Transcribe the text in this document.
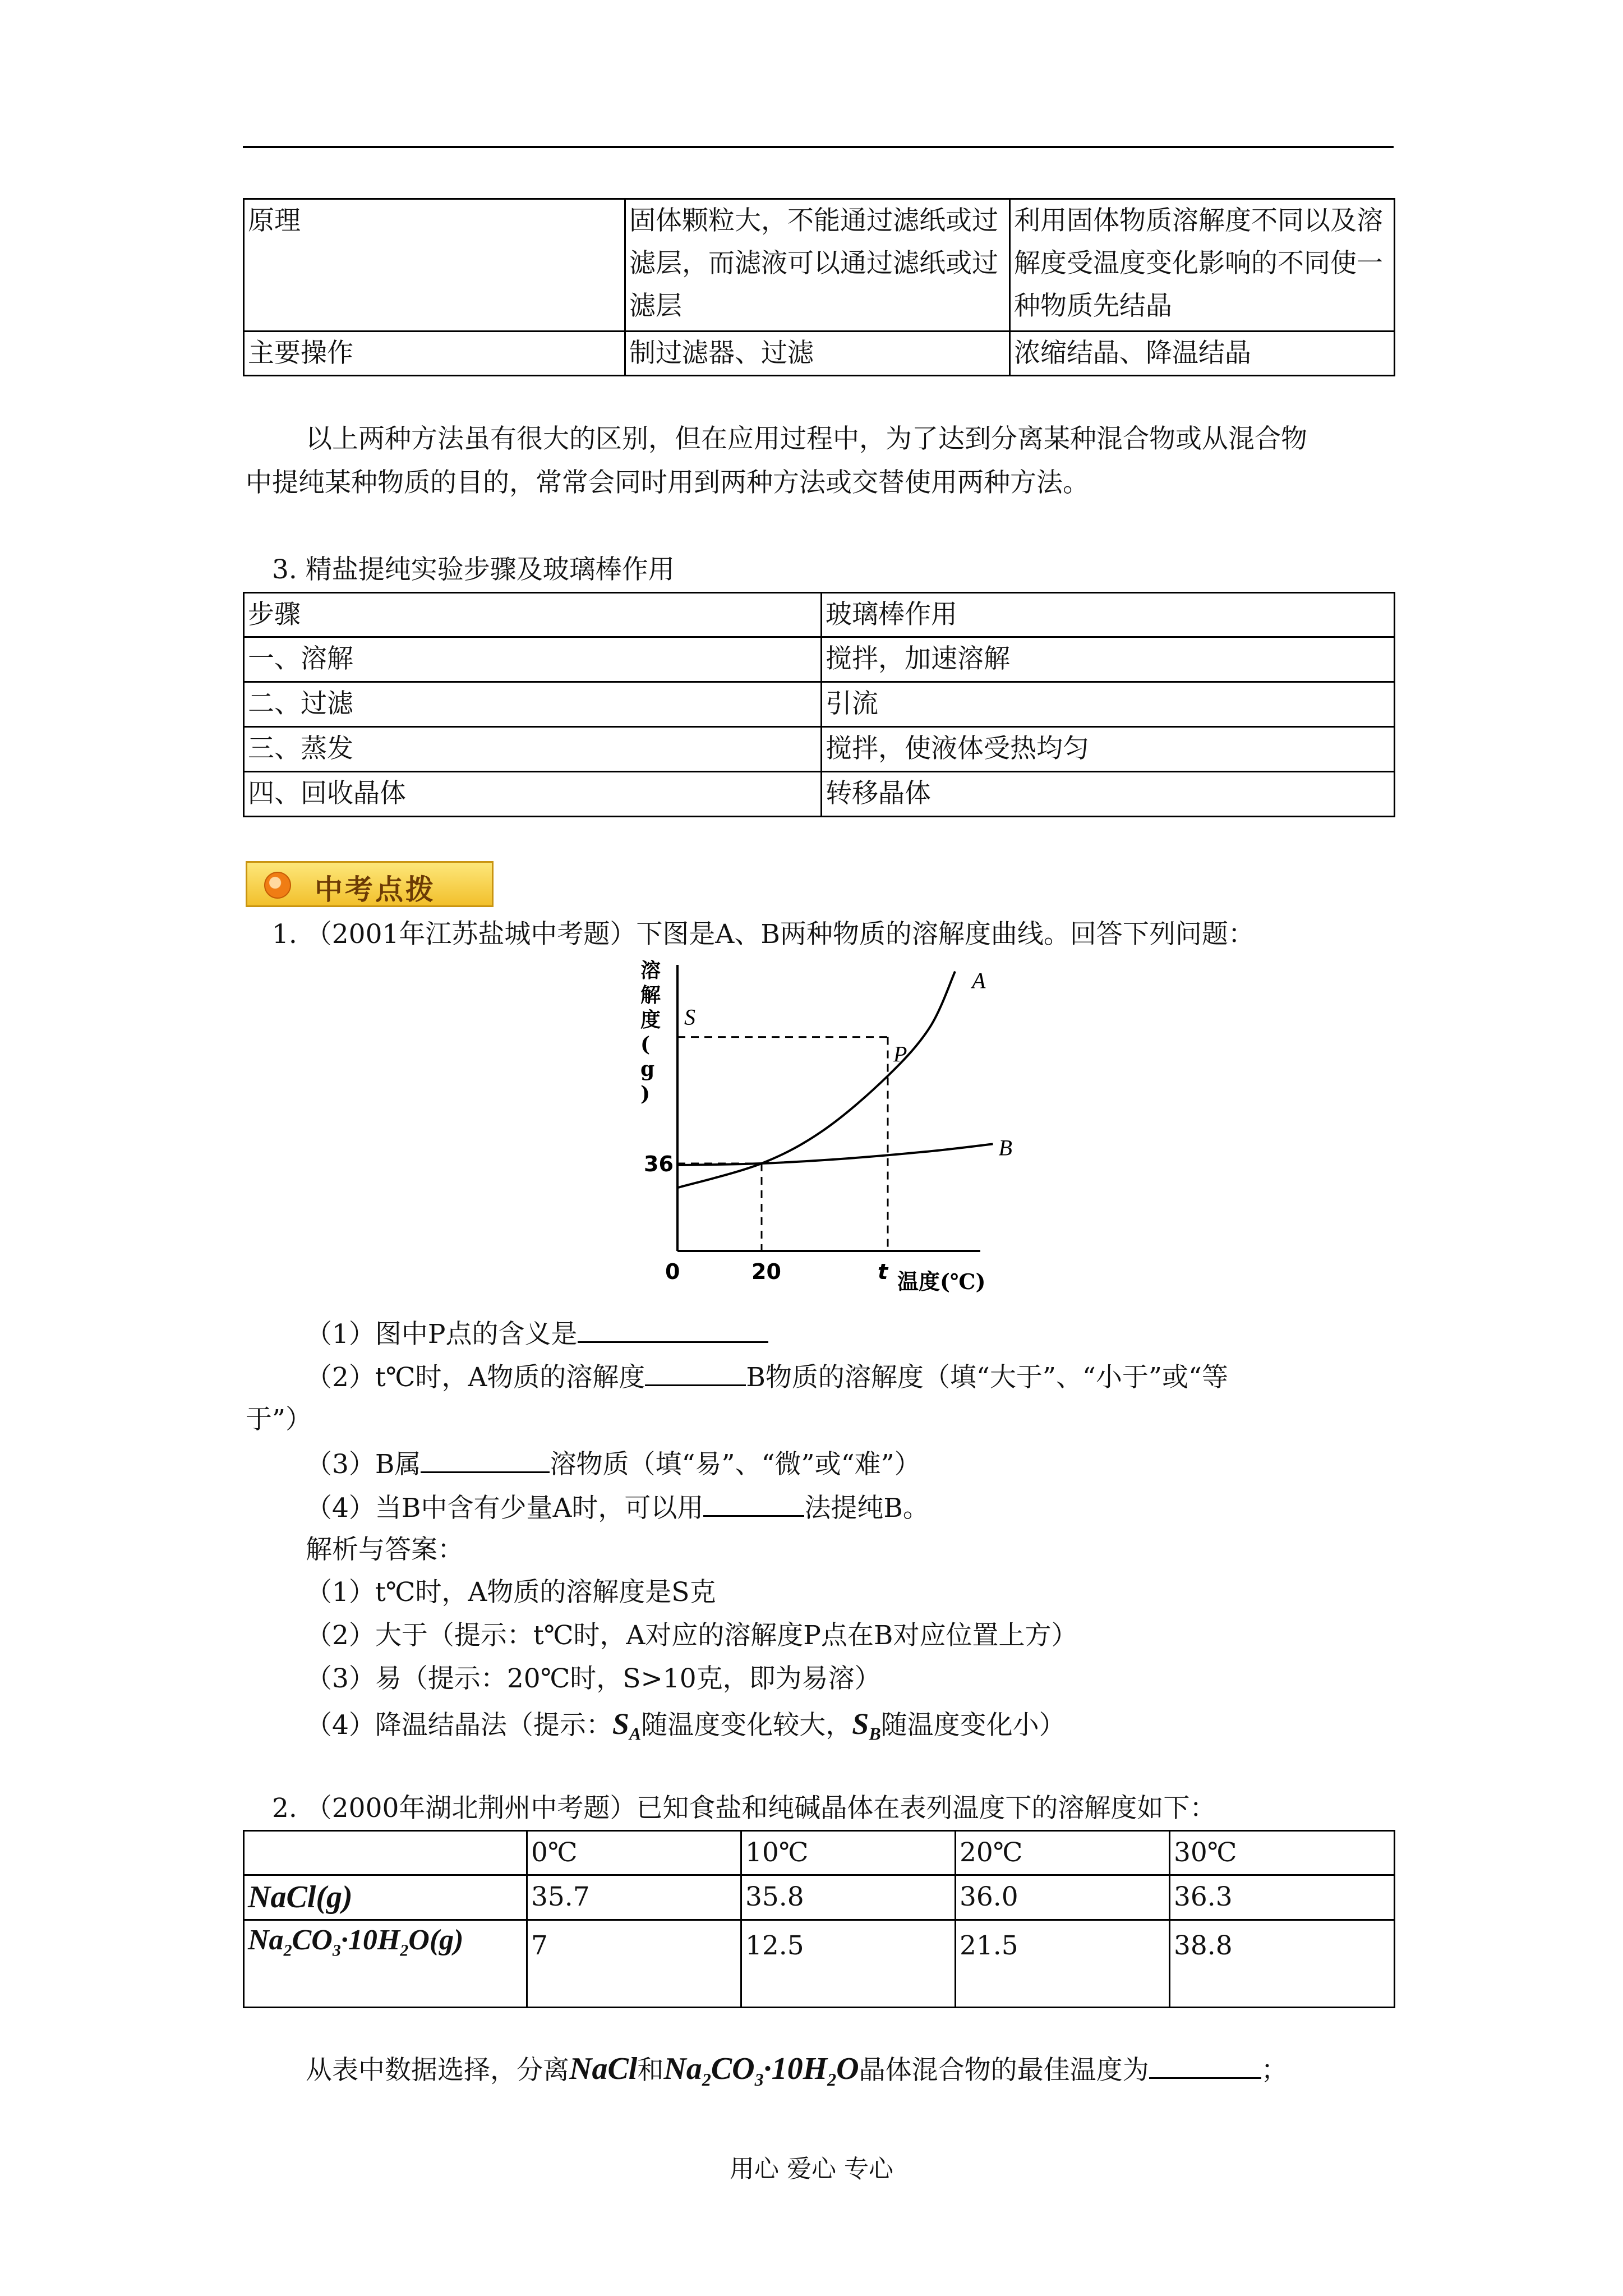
原理	固体颗粒大，不能通过滤纸或过滤层，而滤液可以通过滤纸或过滤层	利用固体物质溶解度不同以及溶解度受温度变化影响的不同使一种物质先结晶
主要操作	制过滤器、过滤	浓缩结晶、降温结晶
以上两种方法虽有很大的区别，但在应用过程中，为了达到分离某种混合物或从混合物
中提纯某种物质的目的，常常会同时用到两种方法或交替使用两种方法。
3. 精盐提纯实验步骤及玻璃棒作用
步骤	玻璃棒作用
一、溶解	搅拌，加速溶解
二、过滤	引流
三、蒸发	搅拌，使液体受热均匀
四、回收晶体	转移晶体
中考点拨
1. （2001年江苏盐城中考题）下图是A、B两种物质的溶解度曲线。回答下列问题：
溶解度( g )
温度(℃)
A
B
36
S
P
0	20	t
（1）图中P点的含义是
（2）t℃时，A物质的溶解度	B物质的溶解度（填“大于”、“小于”或“等
于”）
（3）B属	溶物质（填“易”、“微”或“难”）
（4）当B中含有少量A时，可以用	法提纯B。
解析与答案：
（1）t℃时，A物质的溶解度是S克
（2）大于（提示：t℃时，A对应的溶解度P点在B对应位置上方）
（3）易（提示：20℃时，S>10克，即为易溶）
（4）降温结晶法（提示：$S_A$随温度变化较大，$S_B$随温度变化小）
2. （2000年湖北荆州中考题）已知食盐和纯碱晶体在表列温度下的溶解度如下：
	0℃	10℃	20℃	30℃
NaCl(g)	35.7	35.8	36.0	36.3
$Na_2CO_3\cdot 10H_2O(g)$	7	12.5	21.5	38.8
从表中数据选择，分离NaCl和$Na_2CO_3\cdot 10H_2O$晶体混合物的最佳温度为	；
用心 爱心 专心
